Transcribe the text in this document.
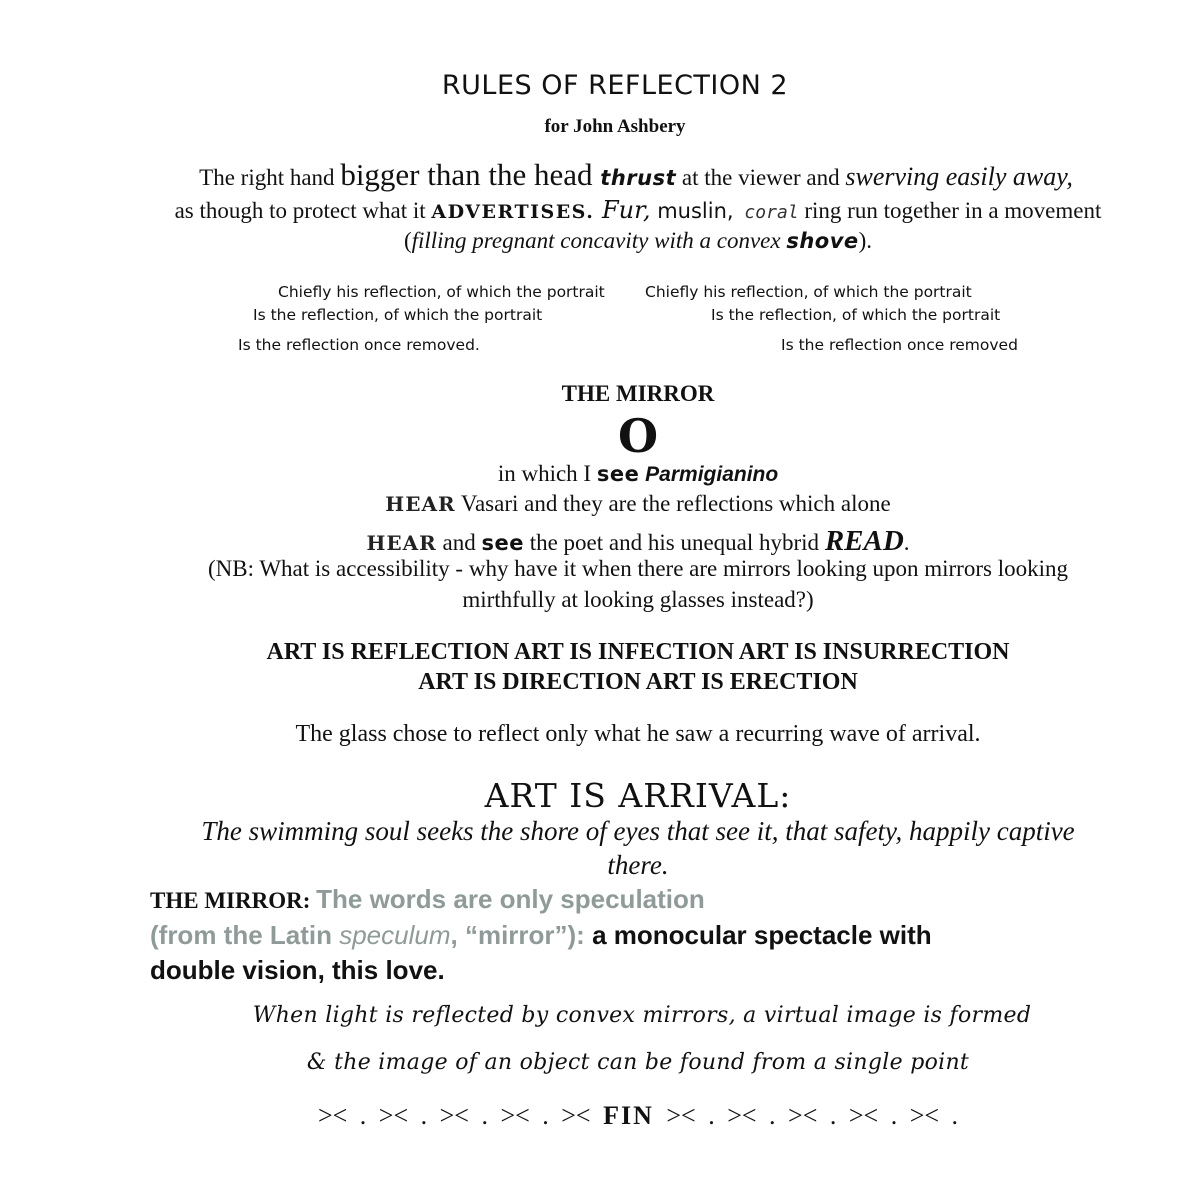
RULES OF REFLECTION 2
for John Ashbery
The right hand bigger than the head thrust at the viewer and swerving easily away,
as though to protect what it ADVERTISES. Fur, muslin, coral ring run together in a movement
(filling pregnant concavity with a convex shove).
Chiefly his reflection, of which the portrait
Is the reflection, of which the portrait
Is the reflection once removed.
Chiefly his reflection, of which the portrait
Is the reflection, of which the portrait
Is the reflection once removed
THE MIRROR
O
in which I see Parmigianino
HEAR Vasari and they are the reflections which alone
HEAR and see the poet and his unequal hybrid READ.
(NB: What is accessibility - why have it when there are mirrors looking upon mirrors looking
mirthfully at looking glasses instead?)
ART IS REFLECTION ART IS INFECTION ART IS INSURRECTION
ART IS DIRECTION ART IS ERECTION
The glass chose to reflect only what he saw a recurring wave of arrival.
ART IS ARRIVAL:
The swimming soul seeks the shore of eyes that see it, that safety, happily captive
there.
THE MIRROR: The words are only speculation
(from the Latin speculum, “mirror”): a monocular spectacle with
double vision, this love.
When light is reflected by convex mirrors, a virtual image is formed
& the image of an object can be found from a single point
>< . >< . >< . >< . >< FIN >< . >< . >< . >< . >< .
